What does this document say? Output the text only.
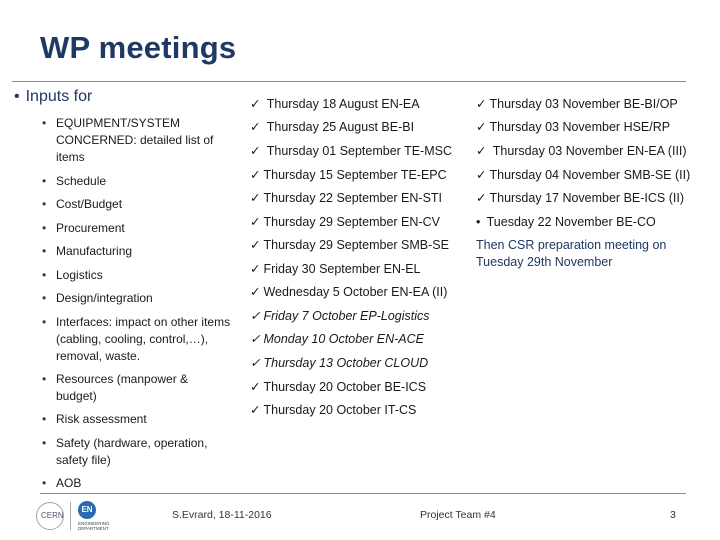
WP meetings
• Inputs for
• EQUIPMENT/SYSTEM CONCERNED: detailed list of items
• Schedule
• Cost/Budget
• Procurement
• Manufacturing
• Logistics
• Design/integration
• Interfaces: impact on other items (cabling, cooling, control,…), removal, waste.
• Resources (manpower & budget)
• Risk assessment
• Safety (hardware, operation, safety file)
• AOB
✓ Thursday 18 August EN-EA
✓ Thursday 25 August BE-BI
✓ Thursday 01 September TE-MSC
✓ Thursday 15 September TE-EPC
✓ Thursday 22 September EN-STI
✓ Thursday 29 September EN-CV
✓ Thursday 29 September SMB-SE
✓ Friday 30 September EN-EL
✓ Wednesday 5 October EN-EA (II)
✓ Friday 7 October EP-Logistics
✓ Monday 10 October EN-ACE
✓ Thursday 13 October CLOUD
✓ Thursday 20 October BE-ICS
✓ Thursday 20 October IT-CS
✓ Thursday 03 November BE-BI/OP
✓ Thursday 03 November HSE/RP
✓ Thursday 03 November EN-EA (III)
✓ Thursday 04 November SMB-SE (II)
✓ Thursday 17 November BE-ICS (II)
• Tuesday 22 November BE-CO
Then CSR preparation meeting on Tuesday 29th November
CERN
EN
ENGINEERING DEPARTMENT
S.Evrard, 18-11-2016	Project Team #4	3
